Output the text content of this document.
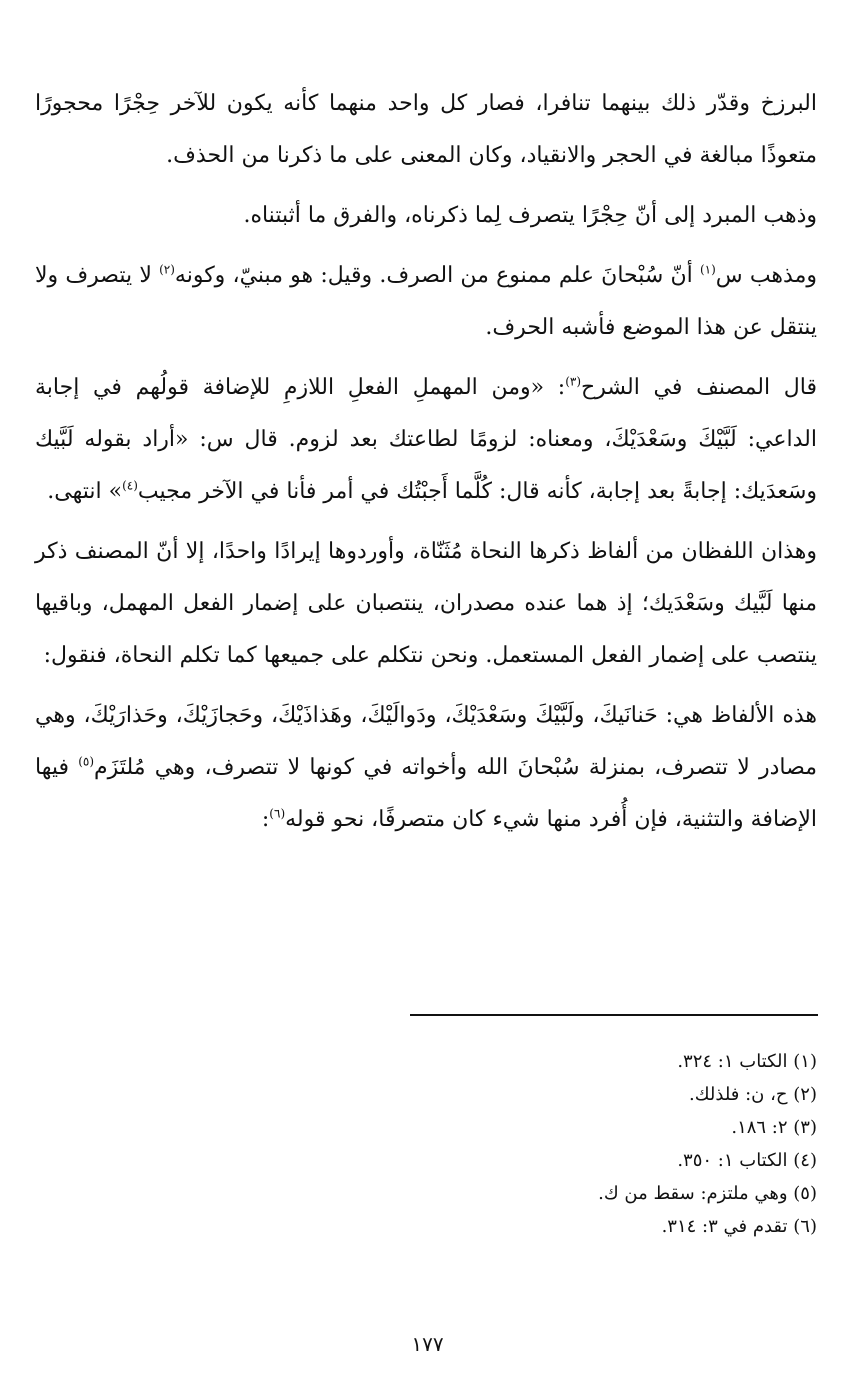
البرزخ وقدّر ذلك بينهما تنافرا، فصار كل واحد منهما كأنه يكون للآخر حِجْرًا محجورًا متعوذًا مبالغة في الحجر والانقياد، وكان المعنى على ما ذكرنا من الحذف.

وذهب المبرد إلى أنّ حِجْرًا يتصرف لِما ذكرناه، والفرق ما أثبتناه.

ومذهب س$^{(١)}$ أنّ سُبْحانَ علم ممنوع من الصرف. وقيل: هو مبنيّ، وكونه$^{(٢)}$ لا يتصرف ولا ينتقل عن هذا الموضع فأشبه الحرف.

قال المصنف في الشرح$^{(٣)}$: «ومن المهملِ الفعلِ اللازمِ للإضافة قولُهم في إجابة الداعي: لَبَّيْكَ وسَعْدَيْكَ، ومعناه: لزومًا لطاعتك بعد لزوم. قال س: «أراد بقوله لَبَّيك وسَعدَيك: إجابةً بعد إجابة، كأنه قال: كُلَّما أَجبْتُك في أمر فأنا في الآخر مجيب$^{(٤)}$» انتهى.

وهذان اللفظان من ألفاظ ذكرها النحاة مُثَنّاة، وأوردوها إيرادًا واحدًا، إلا أنّ المصنف ذكر منها لَبَّيك وسَعْدَيك؛ إذ هما عنده مصدران، ينتصبان على إضمار الفعل المهمل، وباقيها ينتصب على إضمار الفعل المستعمل. ونحن نتكلم على جميعها كما تكلم النحاة، فنقول:

هذه الألفاظ هي: حَنانَيكَ، ولَبَّيْكَ وسَعْدَيْكَ، ودَوالَيْكَ، وهَذاذَيْكَ، وحَجازَيْكَ، وحَذارَيْكَ، وهي مصادر لا تتصرف، بمنزلة سُبْحانَ الله وأخواته في كونها لا تتصرف، وهي مُلتَزَم$^{(٥)}$ فيها الإضافة والتثنية، فإن أُفرد منها شيء كان متصرفًا، نحو قوله$^{(٦)}$:

(١) الكتاب ١: ٣٢٤.
(٢) ح، ن: فلذلك.
(٣) ٢: ١٨٦.
(٤) الكتاب ١: ٣٥٠.
(٥) وهي ملتزم: سقط من ك.
(٦) تقدم في ٣: ٣١٤.
١٧٧
